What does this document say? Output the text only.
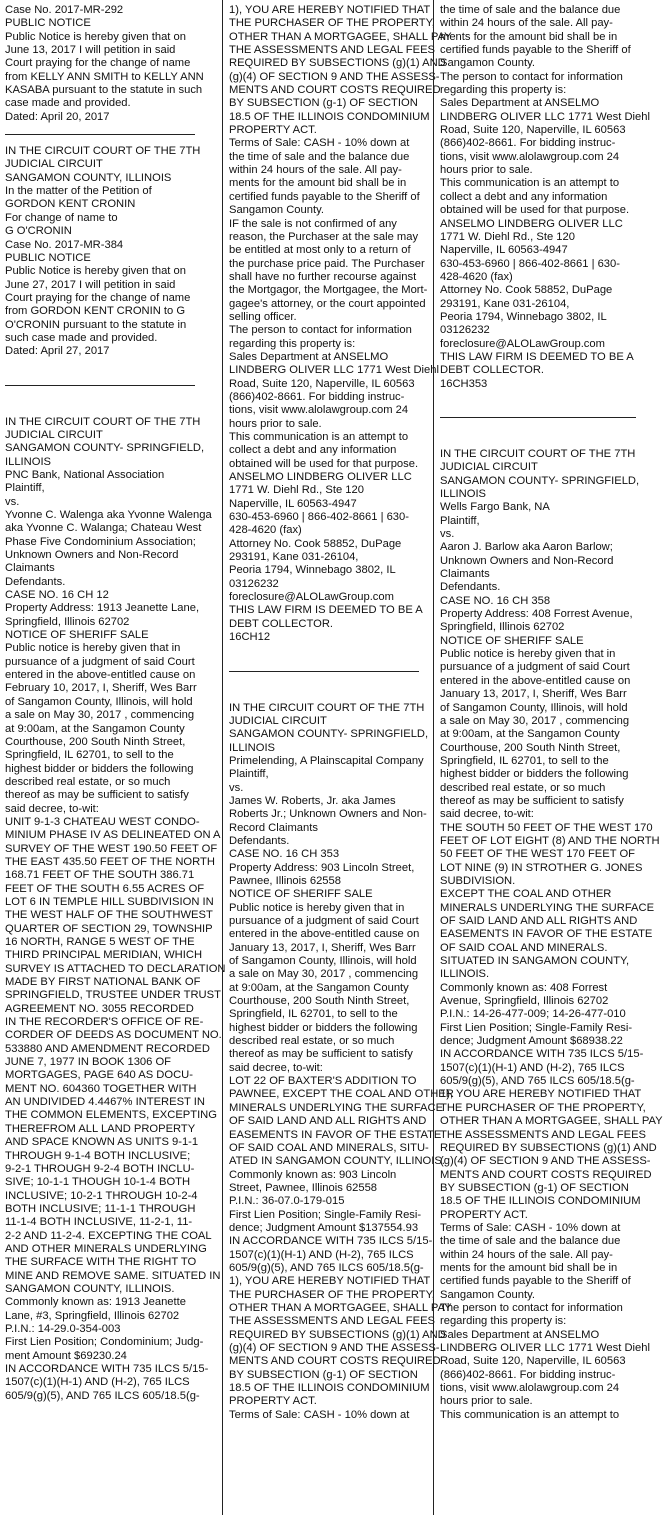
Case No. 2017-MR-292
PUBLIC NOTICE
Public Notice is hereby given that on
June 13, 2017 I will petition in said
Court praying for the change of name
from KELLY ANN SMITH to KELLY ANN
KASABA pursuant to the statute in such
case made and provided.
Dated: April 20, 2017
IN THE CIRCUIT COURT OF THE 7TH
JUDICIAL CIRCUIT
SANGAMON COUNTY, ILLINOIS
In the matter of the Petition of
GORDON KENT CRONIN
For change of name to
G O'CRONIN
Case No. 2017-MR-384
PUBLIC NOTICE
Public Notice is hereby given that on
June 27, 2017 I will petition in said
Court praying for the change of name
from GORDON KENT CRONIN to G
O'CRONIN pursuant to the statute in
such case made and provided.
Dated: April 27, 2017
IN THE CIRCUIT COURT OF THE 7TH
JUDICIAL CIRCUIT
SANGAMON COUNTY- SPRINGFIELD,
ILLINOIS
PNC Bank, National Association
Plaintiff,
vs.
Yvonne C. Walenga aka Yvonne Walenga
aka Yvonne C. Walanga; Chateau West
Phase Five Condominium Association;
Unknown Owners and Non-Record
Claimants
Defendants.
CASE NO. 16 CH 12
Property Address: 1913 Jeanette Lane,
Springfield, Illinois 62702
NOTICE OF SHERIFF SALE
Public notice is hereby given that in
pursuance of a judgment of said Court
entered in the above-entitled cause on
February 10, 2017, I, Sheriff, Wes Barr
of Sangamon County, Illinois, will hold
a sale on May 30, 2017 , commencing
at 9:00am, at the Sangamon County
Courthouse, 200 South Ninth Street,
Springfield, IL 62701, to sell to the
highest bidder or bidders the following
described real estate, or so much
thereof as may be sufficient to satisfy
said decree, to-wit:
UNIT 9-1-3 CHATEAU WEST CONDO-
MINIUM PHASE IV AS DELINEATED ON A
SURVEY OF THE WEST 190.50 FEET OF
THE EAST 435.50 FEET OF THE NORTH
168.71 FEET OF THE SOUTH 386.71
FEET OF THE SOUTH 6.55 ACRES OF
LOT 6 IN TEMPLE HILL SUBDIVISION IN
THE WEST HALF OF THE SOUTHWEST
QUARTER OF SECTION 29, TOWNSHIP
16 NORTH, RANGE 5 WEST OF THE
THIRD PRINCIPAL MERIDIAN, WHICH
SURVEY IS ATTACHED TO DECLARATION
MADE BY FIRST NATIONAL BANK OF
SPRINGFIELD, TRUSTEE UNDER TRUST
AGREEMENT NO. 3055 RECORDED
IN THE RECORDER'S OFFICE OF RE-
CORDER OF DEEDS AS DOCUMENT NO.
533880 AND AMENDMENT RECORDED
JUNE 7, 1977 IN BOOK 1306 OF
MORTGAGES, PAGE 640 AS DOCU-
MENT NO. 604360 TOGETHER WITH
AN UNDIVIDED 4.4467% INTEREST IN
THE COMMON ELEMENTS, EXCEPTING
THEREFROM ALL LAND PROPERTY
AND SPACE KNOWN AS UNITS 9-1-1
THROUGH 9-1-4 BOTH INCLUSIVE;
9-2-1 THROUGH 9-2-4 BOTH INCLU-
SIVE; 10-1-1 THOUGH 10-1-4 BOTH
INCLUSIVE; 10-2-1 THROUGH 10-2-4
BOTH INCLUSIVE; 11-1-1 THROUGH
11-1-4 BOTH INCLUSIVE, 11-2-1, 11-
2-2 AND 11-2-4. EXCEPTING THE COAL
AND OTHER MINERALS UNDERLYING
THE SURFACE WITH THE RIGHT TO
MINE AND REMOVE SAME. SITUATED IN
SANGAMON COUNTY, ILLINOIS.
Commonly known as: 1913 Jeanette
Lane, #3, Springfield, Illinois 62702
P.I.N.: 14-29.0-354-003
First Lien Position; Condominium; Judg-
ment Amount $69230.24
IN ACCORDANCE WITH 735 ILCS 5/15-
1507(c)(1)(H-1) AND (H-2), 765 ILCS
605/9(g)(5), AND 765 ILCS 605/18.5(g-
1), YOU ARE HEREBY NOTIFIED THAT
THE PURCHASER OF THE PROPERTY,
OTHER THAN A MORTGAGEE, SHALL PAY
THE ASSESSMENTS AND LEGAL FEES
REQUIRED BY SUBSECTIONS (g)(1) AND
(g)(4) OF SECTION 9 AND THE ASSESS-
MENTS AND COURT COSTS REQUIRED
BY SUBSECTION (g-1) OF SECTION
18.5 OF THE ILLINOIS CONDOMINIUM
PROPERTY ACT.
Terms of Sale: CASH - 10% down at
the time of sale and the balance due
within 24 hours of the sale. All pay-
ments for the amount bid shall be in
certified funds payable to the Sheriff of
Sangamon County.
IF the sale is not confirmed of any
reason, the Purchaser at the sale may
be entitled at most only to a return of
the purchase price paid. The Purchaser
shall have no further recourse against
the Mortgagor, the Mortgagee, the Mort-
gagee's attorney, or the court appointed
selling officer.
The person to contact for information
regarding this property is:
Sales Department at ANSELMO
LINDBERG OLIVER LLC 1771 West Diehl
Road, Suite 120, Naperville, IL 60563
(866)402-8661. For bidding instruc-
tions, visit www.alolawgroup.com 24
hours prior to sale.
This communication is an attempt to
collect a debt and any information
obtained will be used for that purpose.
ANSELMO LINDBERG OLIVER LLC
1771 W. Diehl Rd., Ste 120
Naperville, IL 60563-4947
630-453-6960 | 866-402-8661 | 630-
428-4620 (fax)
Attorney No. Cook 58852, DuPage
293191, Kane 031-26104,
Peoria 1794, Winnebago 3802, IL
03126232
foreclosure@ALOLawGroup.com
THIS LAW FIRM IS DEEMED TO BE A
DEBT COLLECTOR.
16CH12
IN THE CIRCUIT COURT OF THE 7TH
JUDICIAL CIRCUIT
SANGAMON COUNTY- SPRINGFIELD,
ILLINOIS
Primelending, A Plainscapital Company
Plaintiff,
vs.
James W. Roberts, Jr. aka James
Roberts Jr.; Unknown Owners and Non-
Record Claimants
Defendants.
CASE NO. 16 CH 353
Property Address: 903 Lincoln Street,
Pawnee, Illinois 62558
NOTICE OF SHERIFF SALE
Public notice is hereby given that in
pursuance of a judgment of said Court
entered in the above-entitled cause on
January 13, 2017, I, Sheriff, Wes Barr
of Sangamon County, Illinois, will hold
a sale on May 30, 2017 , commencing
at 9:00am, at the Sangamon County
Courthouse, 200 South Ninth Street,
Springfield, IL 62701, to sell to the
highest bidder or bidders the following
described real estate, or so much
thereof as may be sufficient to satisfy
said decree, to-wit:
LOT 22 OF BAXTER'S ADDITION TO
PAWNEE, EXCEPT THE COAL AND OTHER
MINERALS UNDERLYING THE SURFACE
OF SAID LAND AND ALL RIGHTS AND
EASEMENTS IN FAVOR OF THE ESTATE
OF SAID COAL AND MINERALS, SITU-
ATED IN SANGAMON COUNTY, ILLINOIS.
Commonly known as: 903 Lincoln
Street, Pawnee, Illinois 62558
P.I.N.: 36-07.0-179-015
First Lien Position; Single-Family Resi-
dence; Judgment Amount $137554.93
IN ACCORDANCE WITH 735 ILCS 5/15-
1507(c)(1)(H-1) AND (H-2), 765 ILCS
605/9(g)(5), AND 765 ILCS 605/18.5(g-
1), YOU ARE HEREBY NOTIFIED THAT
THE PURCHASER OF THE PROPERTY,
OTHER THAN A MORTGAGEE, SHALL PAY
THE ASSESSMENTS AND LEGAL FEES
REQUIRED BY SUBSECTIONS (g)(1) AND
(g)(4) OF SECTION 9 AND THE ASSESS-
MENTS AND COURT COSTS REQUIRED
BY SUBSECTION (g-1) OF SECTION
18.5 OF THE ILLINOIS CONDOMINIUM
PROPERTY ACT.
Terms of Sale: CASH - 10% down at
the time of sale and the balance due
within 24 hours of the sale. All pay-
ments for the amount bid shall be in
certified funds payable to the Sheriff of
Sangamon County.
The person to contact for information
regarding this property is:
Sales Department at ANSELMO
LINDBERG OLIVER LLC 1771 West Diehl
Road, Suite 120, Naperville, IL 60563
(866)402-8661. For bidding instruc-
tions, visit www.alolawgroup.com 24
hours prior to sale.
This communication is an attempt to
collect a debt and any information
obtained will be used for that purpose.
ANSELMO LINDBERG OLIVER LLC
1771 W. Diehl Rd., Ste 120
Naperville, IL 60563-4947
630-453-6960 | 866-402-8661 | 630-
428-4620 (fax)
Attorney No. Cook 58852, DuPage
293191, Kane 031-26104,
Peoria 1794, Winnebago 3802, IL
03126232
foreclosure@ALOLawGroup.com
THIS LAW FIRM IS DEEMED TO BE A
DEBT COLLECTOR.
16CH353
IN THE CIRCUIT COURT OF THE 7TH
JUDICIAL CIRCUIT
SANGAMON COUNTY- SPRINGFIELD,
ILLINOIS
Wells Fargo Bank, NA
Plaintiff,
vs.
Aaron J. Barlow aka Aaron Barlow;
Unknown Owners and Non-Record
Claimants
Defendants.
CASE NO. 16 CH 358
Property Address: 408 Forrest Avenue,
Springfield, Illinois 62702
NOTICE OF SHERIFF SALE
Public notice is hereby given that in
pursuance of a judgment of said Court
entered in the above-entitled cause on
January 13, 2017, I, Sheriff, Wes Barr
of Sangamon County, Illinois, will hold
a sale on May 30, 2017 , commencing
at 9:00am, at the Sangamon County
Courthouse, 200 South Ninth Street,
Springfield, IL 62701, to sell to the
highest bidder or bidders the following
described real estate, or so much
thereof as may be sufficient to satisfy
said decree, to-wit:
THE SOUTH 50 FEET OF THE WEST 170
FEET OF LOT EIGHT (8) AND THE NORTH
50 FEET OF THE WEST 170 FEET OF
LOT NINE (9) IN STROTHER G. JONES
SUBDIVISION.
EXCEPT THE COAL AND OTHER
MINERALS UNDERLYING THE SURFACE
OF SAID LAND AND ALL RIGHTS AND
EASEMENTS IN FAVOR OF THE ESTATE
OF SAID COAL AND MINERALS.
SITUATED IN SANGAMON COUNTY,
ILLINOIS.
Commonly known as: 408 Forrest
Avenue, Springfield, Illinois 62702
P.I.N.: 14-26-477-009; 14-26-477-010
First Lien Position; Single-Family Resi-
dence; Judgment Amount $68938.22
IN ACCORDANCE WITH 735 ILCS 5/15-
1507(c)(1)(H-1) AND (H-2), 765 ILCS
605/9(g)(5), AND 765 ILCS 605/18.5(g-
1), YOU ARE HEREBY NOTIFIED THAT
THE PURCHASER OF THE PROPERTY,
OTHER THAN A MORTGAGEE, SHALL PAY
THE ASSESSMENTS AND LEGAL FEES
REQUIRED BY SUBSECTIONS (g)(1) AND
(g)(4) OF SECTION 9 AND THE ASSESS-
MENTS AND COURT COSTS REQUIRED
BY SUBSECTION (g-1) OF SECTION
18.5 OF THE ILLINOIS CONDOMINIUM
PROPERTY ACT.
Terms of Sale: CASH - 10% down at
the time of sale and the balance due
within 24 hours of the sale. All pay-
ments for the amount bid shall be in
certified funds payable to the Sheriff of
Sangamon County.
The person to contact for information
regarding this property is:
Sales Department at ANSELMO
LINDBERG OLIVER LLC 1771 West Diehl
Road, Suite 120, Naperville, IL 60563
(866)402-8661. For bidding instruc-
tions, visit www.alolawgroup.com 24
hours prior to sale.
This communication is an attempt to
